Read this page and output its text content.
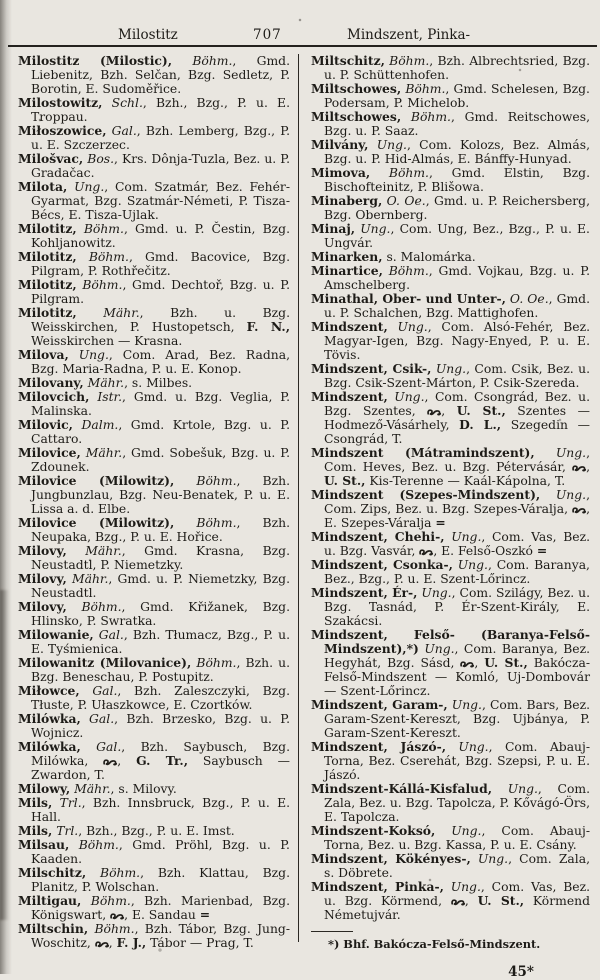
Milostitz	707	Mindszent, Pinka-

Milostitz (Milostic), Böhm., Gmd. Liebenitz, Bzh. Selčan, Bzg. Sedletz, P. Borotin, E. Sudoměřice.

Milostowitz, Schl., Bzh., Bzg., P. u. E. Troppau.

Miłoszowice, Gal., Bzh. Lemberg, Bzg., P. u. E. Szczerzec.

Milošvac, Bos., Krs. Dônja-Tuzla, Bez. u. P. Gradačac.

Milota, Ung., Com. Szatmár, Bez. Fehér-Gyarmat, Bzg. Szatmár-Németi, P. Tisza-Bécs, E. Tisza-Ujlak.

Milotitz, Böhm., Gmd. u. P. Čestin, Bzg. Kohljanowitz.

Milotitz, Böhm., Gmd. Bacovice, Bzg. Pilgram, P. Rothřečitz.

Milotitz, Böhm., Gmd. Dechtoř, Bzg. u. P. Pilgram.

Milotitz, Mähr., Bzh. u. Bzg. Weisskirchen, P. Hustopetsch, F. N., Weisskirchen — Krasna.

Milova, Ung., Com. Arad, Bez. Radna, Bzg. Maria-Radna, P. u. E. Konop.

Milovany, Mähr., s. Milbes.

Milovcich, Istr., Gmd. u. Bzg. Veglia, P. Malinska.

Milovic, Dalm., Gmd. Krtole, Bzg. u. P. Cattaro.

Milovice, Mähr., Gmd. Sobešuk, Bzg. u. P. Zdounek.

Milovice (Milowitz), Böhm., Bzh. Jungbunzlau, Bzg. Neu-Benatek, P. u. E. Lissa a. d. Elbe.

Milovice (Milowitz), Böhm., Bzh. Neupaka, Bzg., P. u. E. Hořice.

Milovy, Mähr., Gmd. Krasna, Bzg. Neustadtl, P. Niemetzky.

Milovy, Mähr., Gmd. u. P. Niemetzky, Bzg. Neustadtl.

Milovy, Böhm., Gmd. Křižanek, Bzg. Hlinsko, P. Swratka.

Milowanie, Gal., Bzh. Tłumacz, Bzg., P. u. E. Tyśmienica.

Milowanitz (Milovanice), Böhm., Bzh. u. Bzg. Beneschau, P. Postupitz.

Miłowce, Gal., Bzh. Zaleszczyki, Bzg. Tłuste, P. Ułaszkowce, E. Czortków.

Milówka, Gal., Bzh. Brzesko, Bzg. u. P. Wojnicz.

Milówka, Gal., Bzh. Saybusch, Bzg. Milówka, , G. Tr., Saybusch — Zwardon, T.

Milowy, Mähr., s. Milovy.

Mils, Trl., Bzh. Innsbruck, Bzg., P. u. E. Hall.

Mils, Trl., Bzh., Bzg., P. u. E. Imst.

Milsau, Böhm., Gmd. Pröhl, Bzg. u. P. Kaaden.

Milschitz, Böhm., Bzh. Klattau, Bzg. Planitz, P. Wolschan.

Miltigau, Böhm., Bzh. Marienbad, Bzg. Königswart, , E. Sandau =

Miltschin, Böhm., Bzh. Tábor, Bzg. Jung-Woschitz, , F. J., Tábor — Prag, T.

Miltschitz, Böhm., Bzh. Albrechtsried, Bzg. u. P. Schüttenhofen.

Miltschowes, Böhm., Gmd. Schelesen, Bzg. Podersam, P. Michelob.

Miltschowes, Böhm., Gmd. Reitschowes, Bzg. u. P. Saaz.

Milvány, Ung., Com. Kolozs, Bez. Almás, Bzg. u. P. Hid-Almás, E. Bánffy-Hunyad.

Mimova, Böhm., Gmd. Elstin, Bzg. Bischofteinitz, P. Blišowa.

Minaberg, O. Oe., Gmd. u. P. Reichersberg, Bzg. Obernberg.

Minaj, Ung., Com. Ung, Bez., Bzg., P. u. E. Ungvár.

Minarken, s. Malomárka.

Minartice, Böhm., Gmd. Vojkau, Bzg. u. P. Amschelberg.

Minathal, Ober- und Unter-, O. Oe., Gmd. u. P. Schalchen, Bzg. Mattighofen.

Mindszent, Ung., Com. Alsó-Fehér, Bez. Magyar-Igen, Bzg. Nagy-Enyed, P. u. E. Tövis.

Mindszent, Csik-, Ung., Com. Csik, Bez. u. Bzg. Csik-Szent-Márton, P. Csik-Szereda.

Mindszent, Ung., Com. Csongrád, Bez. u. Bzg. Szentes, , U. St., Szentes — Hodmező-Vásárhely, D. L., Szegedin — Csongrád, T.

Mindszent (Mátramindszent), Ung., Com. Heves, Bez. u. Bzg. Pétervásár, , U. St., Kis-Terenne — Kaál-Kápolna, T.

Mindszent (Szepes-Mindszent), Ung., Com. Zips, Bez. u. Bzg. Szepes-Váralja, , E. Szepes-Váralja =

Mindszent, Chehi-, Ung., Com. Vas, Bez. u. Bzg. Vasvár, , E. Felső-Oszkó =

Mindszent, Csonka-, Ung., Com. Baranya, Bez., Bzg., P. u. E. Szent-Lőrincz.

Mindszent, Ér-, Ung., Com. Szilágy, Bez. u. Bzg. Tasnád, P. Ér-Szent-Király, E. Szakácsi.

Mindszent, Felső- (Baranya-Felső-Mindszent),*) Ung., Com. Baranya, Bez. Hegyhát, Bzg. Sásd, , U. St., Bakócza-Felső-Mindszent — Komló, Uj-Dombovár — Szent-Lőrincz.

Mindszent, Garam-, Ung., Com. Bars, Bez. Garam-Szent-Kereszt, Bzg. Ujbánya, P. Garam-Szent-Kereszt.

Mindszent, Jászó-, Ung., Com. Abauj-Torna, Bez. Cserehát, Bzg. Szepsi, P. u. E. Jászó.

Mindszent-Kállá-Kisfalud, Ung., Com. Zala, Bez. u. Bzg. Tapolcza, P. Kővágó-Örs, E. Tapolcza.

Mindszent-Koksó, Ung., Com. Abauj-Torna, Bez. u. Bzg. Kassa, P. u. E. Csány.

Mindszent, Kökényes-, Ung., Com. Zala, s. Döbrete.

Mindszent, Pinka-, Ung., Com. Vas, Bez. u. Bzg. Körmend, , U. St., Körmend Németujvár.

*) Bhf. Bakócza-Felső-Mindszent.

45*
